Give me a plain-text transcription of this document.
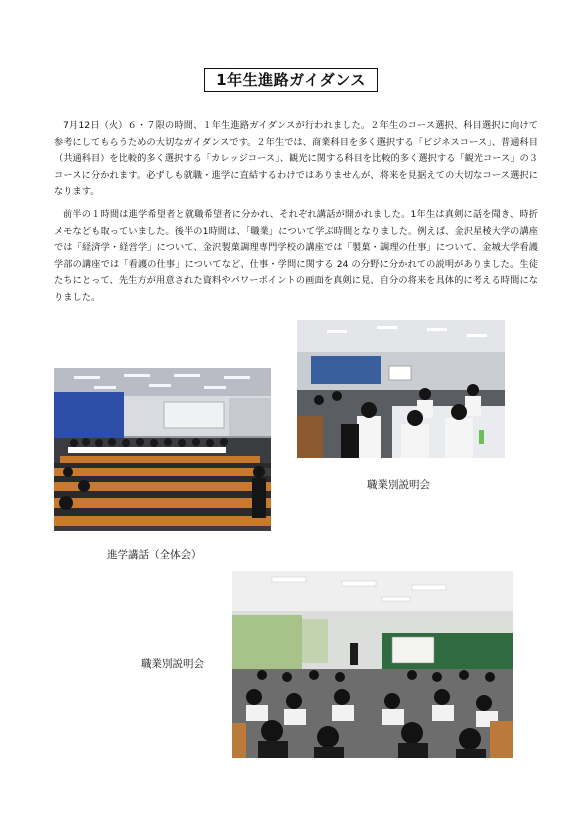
1年生進路ガイダンス

7月12日（火）６・７限の時間、１年生進路ガイダンスが行われました。２年生のコース選択、科目選択に向けて参考にしてもらうための大切なガイダンスです。２年生では、商業科目を多く選択する「ビジネスコース」、普通科目（共通科目）を比較的多く選択する「カレッジコース」、観光に関する科目を比較的多く選択する「観光コース」の３コースに分かれます。必ずしも就職・進学に直結するわけではありませんが、将来を見据えての大切なコース選択になります。

前半の１時間は進学希望者と就職希望者に分かれ、それぞれ講話が開かれました。1年生は真剣に話を聞き、時折メモなども取っていました。後半の1時間は、「職業」について学ぶ時間となりました。例えば、金沢星稜大学の講座では「経済学・経営学」について、金沢製菓調理専門学校の講座では「製菓・調理の仕事」について、金城大学看護学部の講座では「看護の仕事」についてなど、仕事・学問に関する 24 の分野に分かれての説明がありました。生徒たちにとって、先生方が用意された資料やパワーポイントの画面を真剣に見、自分の将来を具体的に考える時間になりました。

進学講話（全体会）
職業別説明会
職業別説明会
